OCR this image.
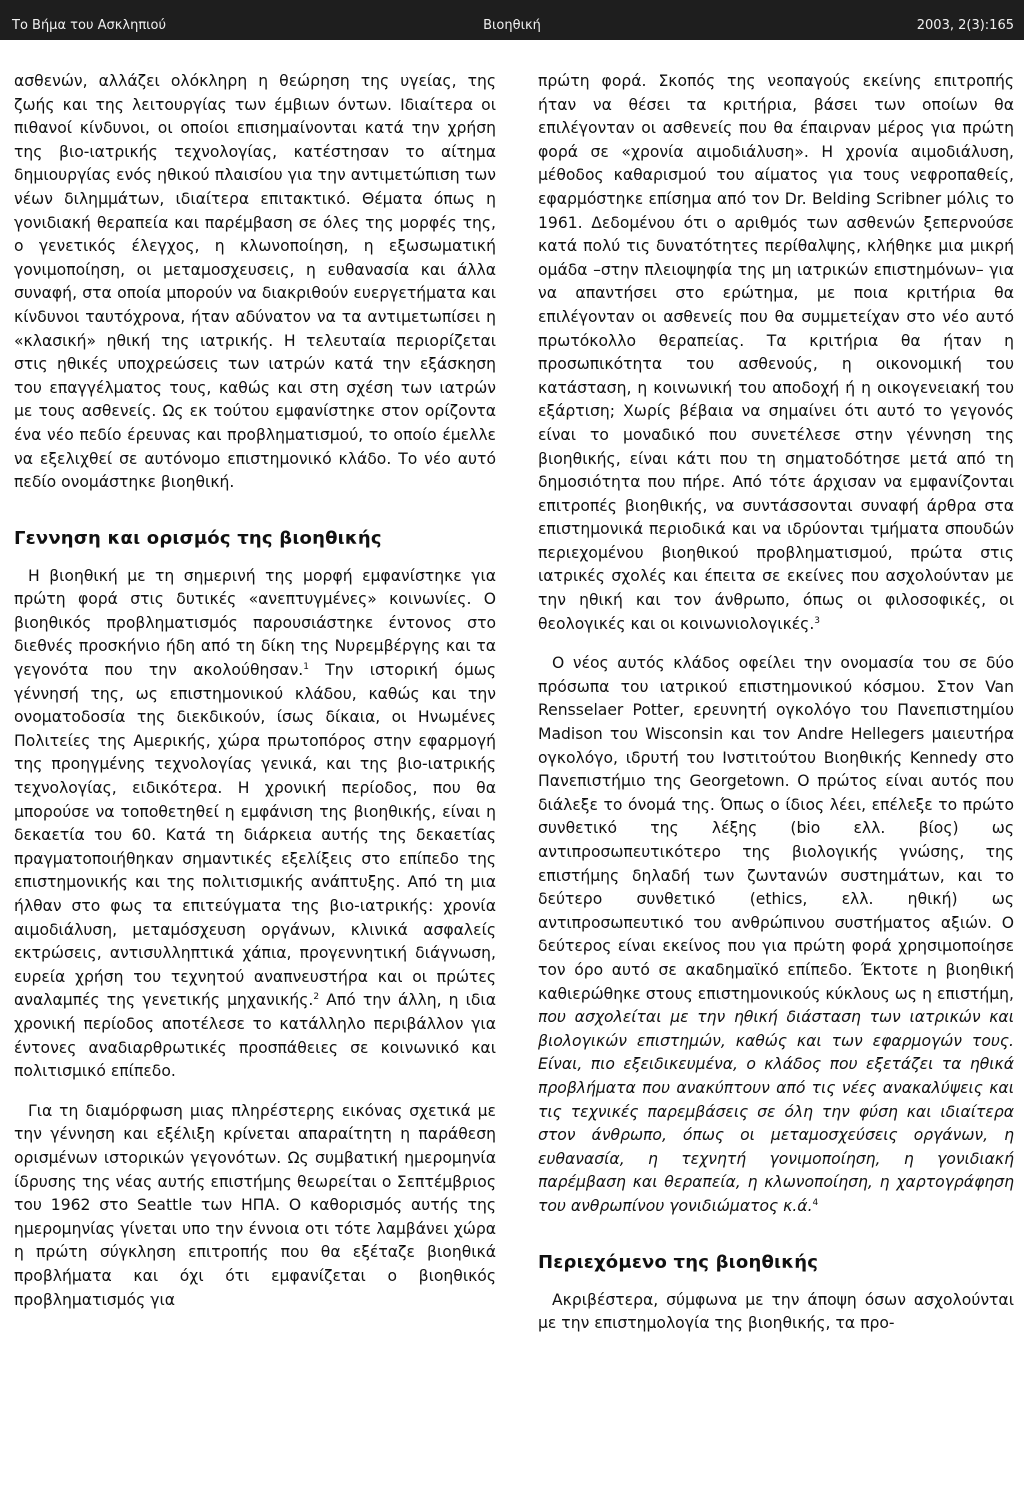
Το Βήμα του Ασκληπιού	Βιοηθική	2003, 2(3):165

ασθενών, αλλάζει ολόκληρη η θεώρηση της υγείας, της ζωής και της λειτουργίας των έμβιων όντων. Ιδιαίτερα οι πιθανοί κίνδυνοι, οι οποίοι επισημαίνονται κατά την χρήση της βιο-ιατρικής τεχνολογίας, κατέστησαν το αίτημα δημιουργίας ενός ηθικού πλαισίου για την αντιμετώπιση των νέων διλημμάτων, ιδιαίτερα επιτακτικό. Θέματα όπως η γονιδιακή θεραπεία και παρέμβαση σε όλες της μορφές της, ο γενετικός έλεγχος, η κλωνοποίηση, η εξωσωματική γονιμοποίηση, οι μεταμοσχευσεις, η ευθανασία και άλλα συναφή, στα οποία μπορούν να διακριθούν ευεργετήματα και κίνδυνοι ταυτόχρονα, ήταν αδύνατον να τα αντιμετωπίσει η «κλασική» ηθική της ιατρικής. Η τελευταία περιορίζεται στις ηθικές υποχρεώσεις των ιατρών κατά την εξάσκηση του επαγγέλματος τους, καθώς και στη σχέση των ιατρών με τους ασθενείς. Ως εκ τούτου εμφανίστηκε στον ορίζοντα ένα νέο πεδίο έρευνας και προβληματισμού, το οποίο έμελλε να εξελιχθεί σε αυτόνομο επιστημονικό κλάδο. Το νέο αυτό πεδίο ονομάστηκε βιοηθική.

Γεννηση και ορισμός της βιοηθικής

Η βιοηθική με τη σημερινή της μορφή εμφανίστηκε για πρώτη φορά στις δυτικές «ανεπτυγμένες» κοινωνίες. Ο βιοηθικός προβληματισμός παρουσιάστηκε έντονος στο διεθνές προσκήνιο ήδη από τη δίκη της Νυρεμβέργης και τα γεγονότα που την ακολούθησαν.$^1$ Την ιστορική όμως γέννησή της, ως επιστημονικού κλάδου, καθώς και την ονοματοδοσία της διεκδικούν, ίσως δίκαια, οι Ηνωμένες Πολιτείες της Αμερικής, χώρα πρωτοπόρος στην εφαρμογή της προηγμένης τεχνολογίας γενικά, και της βιο-ιατρικής τεχνολογίας, ειδικότερα. Η χρονική περίοδος, που θα μπορούσε να τοποθετηθεί η εμφάνιση της βιοηθικής, είναι η δεκαετία του 60. Κατά τη διάρκεια αυτής της δεκαετίας πραγματοποιήθηκαν σημαντικές εξελίξεις στο επίπεδο της επιστημονικής και της πολιτισμικής ανάπτυξης. Από τη μια ήλθαν στο φως τα επιτεύγματα της βιο-ιατρικής: χρονία αιμοδιάλυση, μεταμόσχευση οργάνων, κλινικά ασφαλείς εκτρώσεις, αντισυλληπτικά χάπια, προγεννητική διάγνωση, ευρεία χρήση του τεχνητού αναπνευστήρα και οι πρώτες αναλαμπές της γενετικής μηχανικής.$^2$ Από την άλλη, η ιδια χρονική περίοδος αποτέλεσε το κατάλληλο περιβάλλον για έντονες αναδιαρθρωτικές προσπάθειες σε κοινωνικό και πολιτισμικό επίπεδο.

Για τη διαμόρφωση μιας πληρέστερης εικόνας σχετικά με την γέννηση και εξέλιξη κρίνεται απαραίτητη η παράθεση ορισμένων ιστορικών γεγονότων. Ως συμβατική ημερομηνία ίδρυσης της νέας αυτής επιστήμης θεωρείται ο Σεπτέμβριος του 1962 στο Seattle των ΗΠΑ. Ο καθορισμός αυτής της ημερομηνίας γίνεται υπο την έννοια οτι τότε λαμβάνει χώρα η πρώτη σύγκληση επιτροπής που θα εξέταζε βιοηθικά προβλήματα και όχι ότι εμφανίζεται ο βιοηθικός προβληματισμός για

πρώτη φορά. Σκοπός της νεοπαγούς εκείνης επιτροπής ήταν να θέσει τα κριτήρια, βάσει των οποίων θα επιλέγονταν οι ασθενείς που θα έπαιρναν μέρος για πρώτη φορά σε «χρονία αιμοδιάλυση». Η χρονία αιμοδιάλυση, μέθοδος καθαρισμού του αίματος για τους νεφροπαθείς, εφαρμόστηκε επίσημα από τον Dr. Belding Scribner μόλις το 1961. Δεδομένου ότι ο αριθμός των ασθενών ξεπερνούσε κατά πολύ τις δυνατότητες περίθαλψης, κλήθηκε μια μικρή ομάδα –στην πλειοψηφία της μη ιατρικών επιστημόνων– για να απαντήσει στο ερώτημα, με ποια κριτήρια θα επιλέγονταν οι ασθενείς που θα συμμετείχαν στο νέο αυτό πρωτόκολλο θεραπείας. Τα κριτήρια θα ήταν η προσωπικότητα του ασθενούς, η οικονομική του κατάσταση, η κοινωνική του αποδοχή ή η οικογενειακή του εξάρτιση; Χωρίς βέβαια να σημαίνει ότι αυτό το γεγονός είναι το μοναδικό που συνετέλεσε στην γέννηση της βιοηθικής, είναι κάτι που τη σηματοδότησε μετά από τη δημοσιότητα που πήρε. Από τότε άρχισαν να εμφανίζονται επιτροπές βιοηθικής, να συντάσσονται συναφή άρθρα στα επιστημονικά περιοδικά και να ιδρύονται τμήματα σπουδών περιεχομένου βιοηθικού προβληματισμού, πρώτα στις ιατρικές σχολές και έπειτα σε εκείνες που ασχολούνταν με την ηθική και τον άνθρωπο, όπως οι φιλοσοφικές, οι θεολογικές και οι κοινωνιολογικές.$^3$

Ο νέος αυτός κλάδος οφείλει την ονομασία του σε δύο πρόσωπα του ιατρικού επιστημονικού κόσμου. Στον Van Rensselaer Potter, ερευνητή ογκολόγο του Πανεπιστημίου Madison του Wisconsin και τον Andre Hellegers μαιευτήρα ογκολόγο, ιδρυτή του Ινστιτούτου Βιοηθικής Kennedy στο Πανεπιστήμιο της Georgetown. Ο πρώτος είναι αυτός που διάλεξε το όνομά της. Όπως ο ίδιος λέει, επέλεξε το πρώτο συνθετικό της λέξης (bio ελλ. βίος) ως αντιπροσωπευτικότερο της βιολογικής γνώσης, της επιστήμης δηλαδή των ζωντανών συστημάτων, και το δεύτερο συνθετικό (ethics, ελλ. ηθική) ως αντιπροσωπευτικό του ανθρώπινου συστήματος αξιών. Ο δεύτερος είναι εκείνος που για πρώτη φορά χρησιμοποίησε τον όρο αυτό σε ακαδημαϊκό επίπεδο. Έκτοτε η βιοηθική καθιερώθηκε στους επιστημονικούς κύκλους ως η επιστήμη, που ασχολείται με την ηθική διάσταση των ιατρικών και βιολογικών επιστημών, καθώς και των εφαρμογών τους. Είναι, πιο εξειδικευμένα, ο κλάδος που εξετάζει τα ηθικά προβλήματα που ανακύπτουν από τις νέες ανακαλύψεις και τις τεχνικές παρεμβάσεις σε όλη την φύση και ιδιαίτερα στον άνθρωπο, όπως οι μεταμοσχεύσεις οργάνων, η ευθανασία, η τεχνητή γονιμοποίηση, η γονιδιακή παρέμβαση και θεραπεία, η κλωνοποίηση, η χαρτογράφηση του ανθρωπίνου γονιδιώματος κ.ά.$^4$

Περιεχόμενο της βιοηθικής

Ακριβέστερα, σύμφωνα με την άποψη όσων ασχολούνται με την επιστημολογία της βιοηθικής, τα προ-
